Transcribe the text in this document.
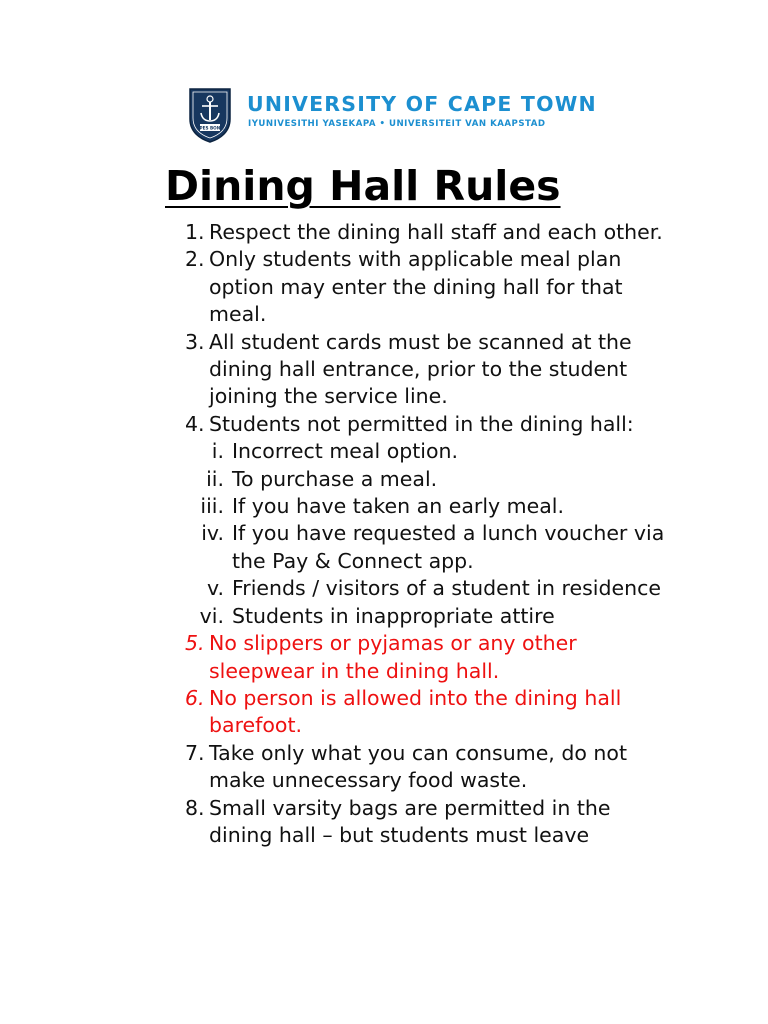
SPES BONA
UNIVERSITY OF CAPE TOWN
IYUNIVESITHI YASEKAPA • UNIVERSITEIT VAN KAAPSTAD
Dining Hall Rules
1. Respect the dining hall staff and each other.
2. Only students with applicable meal plan option may enter the dining hall for that meal.
3. All student cards must be scanned at the dining hall entrance, prior to the student joining the service line.
4. Students not permitted in the dining hall:
i. Incorrect meal option.
ii. To purchase a meal.
iii. If you have taken an early meal.
iv. If you have requested a lunch voucher via the Pay & Connect app.
v. Friends / visitors of a student in residence
vi. Students in inappropriate attire
5. No slippers or pyjamas or any other sleepwear in the dining hall.
6. No person is allowed into the dining hall barefoot.
7. Take only what you can consume, do not make unnecessary food waste.
8. Small varsity bags are permitted in the dining hall – but students must leave
